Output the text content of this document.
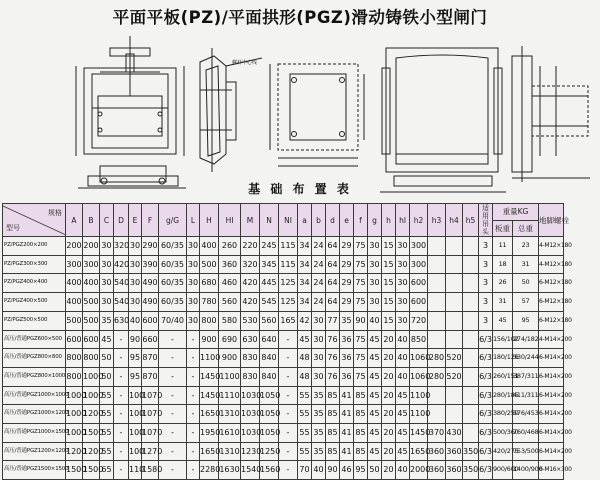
平面平板(PZ)/平面拱形(PGZ)滑动铸铁小型闸门
螺杆中心线
基 础 布 置 表
规格
型号	A	B	C	D	E	F	g/G	L	H	HI	M	N	NI	a	b	d	e	f	g	h	hl	h2	h3	h4	h5	适用吊头	重量KG		地脚螺栓
																											板重	总重	
PZ/PGZ200×200	200	200	30	320	30	290	60/35	30	400	260	220	245	115	34	24	64	29	75	30	15	30	300				3	11	23	4-M12×180
PZ/PGZ300×300	300	300	30	420	30	390	60/35	30	500	360	320	345	115	34	24	64	29	75	30	15	30	300				3	18	31	4-M12×180
PZ/PGZ400×400	400	400	30	540	30	490	60/35	30	680	460	420	445	125	34	24	64	29	75	30	15	30	600				3	26	50	6-M12×180
PZ/PGZ400×500	400	500	30	540	30	490	60/35	30	780	560	420	545	125	34	24	64	29	75	30	15	30	600				3	31	57	6-M12×180
PZ/PGZ500×500	500	500	35	630	40	600	70/40	30	800	580	530	560	165	42	30	77	35	90	40	15	30	720				3	45	95	6-M12×180
高压/普通PGZ600×500	600	600	45	-	90	660	-	-	900	690	630	640	-	45	30	76	36	75	45	20	40	850				6/3	156/102	274/182	4-M14×200
高压/普通PGZ800×800	800	800	50	-	95	870	-	-	1100	900	830	840	-	48	30	76	36	75	45	20	40	1060	280	520		6/3	180/126	330/244	6-M14×200
高压/普通PGZ800×1000	800	1000	50	-	95	870	-	-	1450	1100	830	840	-	48	30	76	36	75	45	20	40	1060	280	520		6/3	260/151	387/311	6-M14×200
高压/普通PGZ1000×1000	1000	1000	55	-	100	1070	-	-	1450	1110	1030	1050	-	55	35	85	41	85	45	20	45	1100				6/3	280/185	411/311	6-M14×200
高压/普通PGZ1000×1200	1000	1200	55	-	100	1070	-	-	1650	1310	1030	1050	-	55	35	85	41	85	45	20	45	1100				6/3	380/250	576/453	6-M14×200
高压/普通PGZ1000×1500	1000	1500	55	-	100	1070	-	-	1950	1610	1030	1050	-	55	35	85	41	85	45	20	45	1450	370	430		6/3	500/360	760/468	6-M14×200
高压/普通PGZ1200×1200	1200	1200	55	-	100	1270	-	-	1650	1310	1230	1250	-	55	35	85	41	85	45	20	45	1650	360	360	350	6/3	420/275	753/500	6-M14×200
高压/普通PGZ1500×1500	1500	1500	65	-	110	1580	-	-	2280	1630	1540	1560	-	70	40	90	46	95	50	20	40	2000	360	360	350	6/3	900/600	1400/900	6-M16×300
